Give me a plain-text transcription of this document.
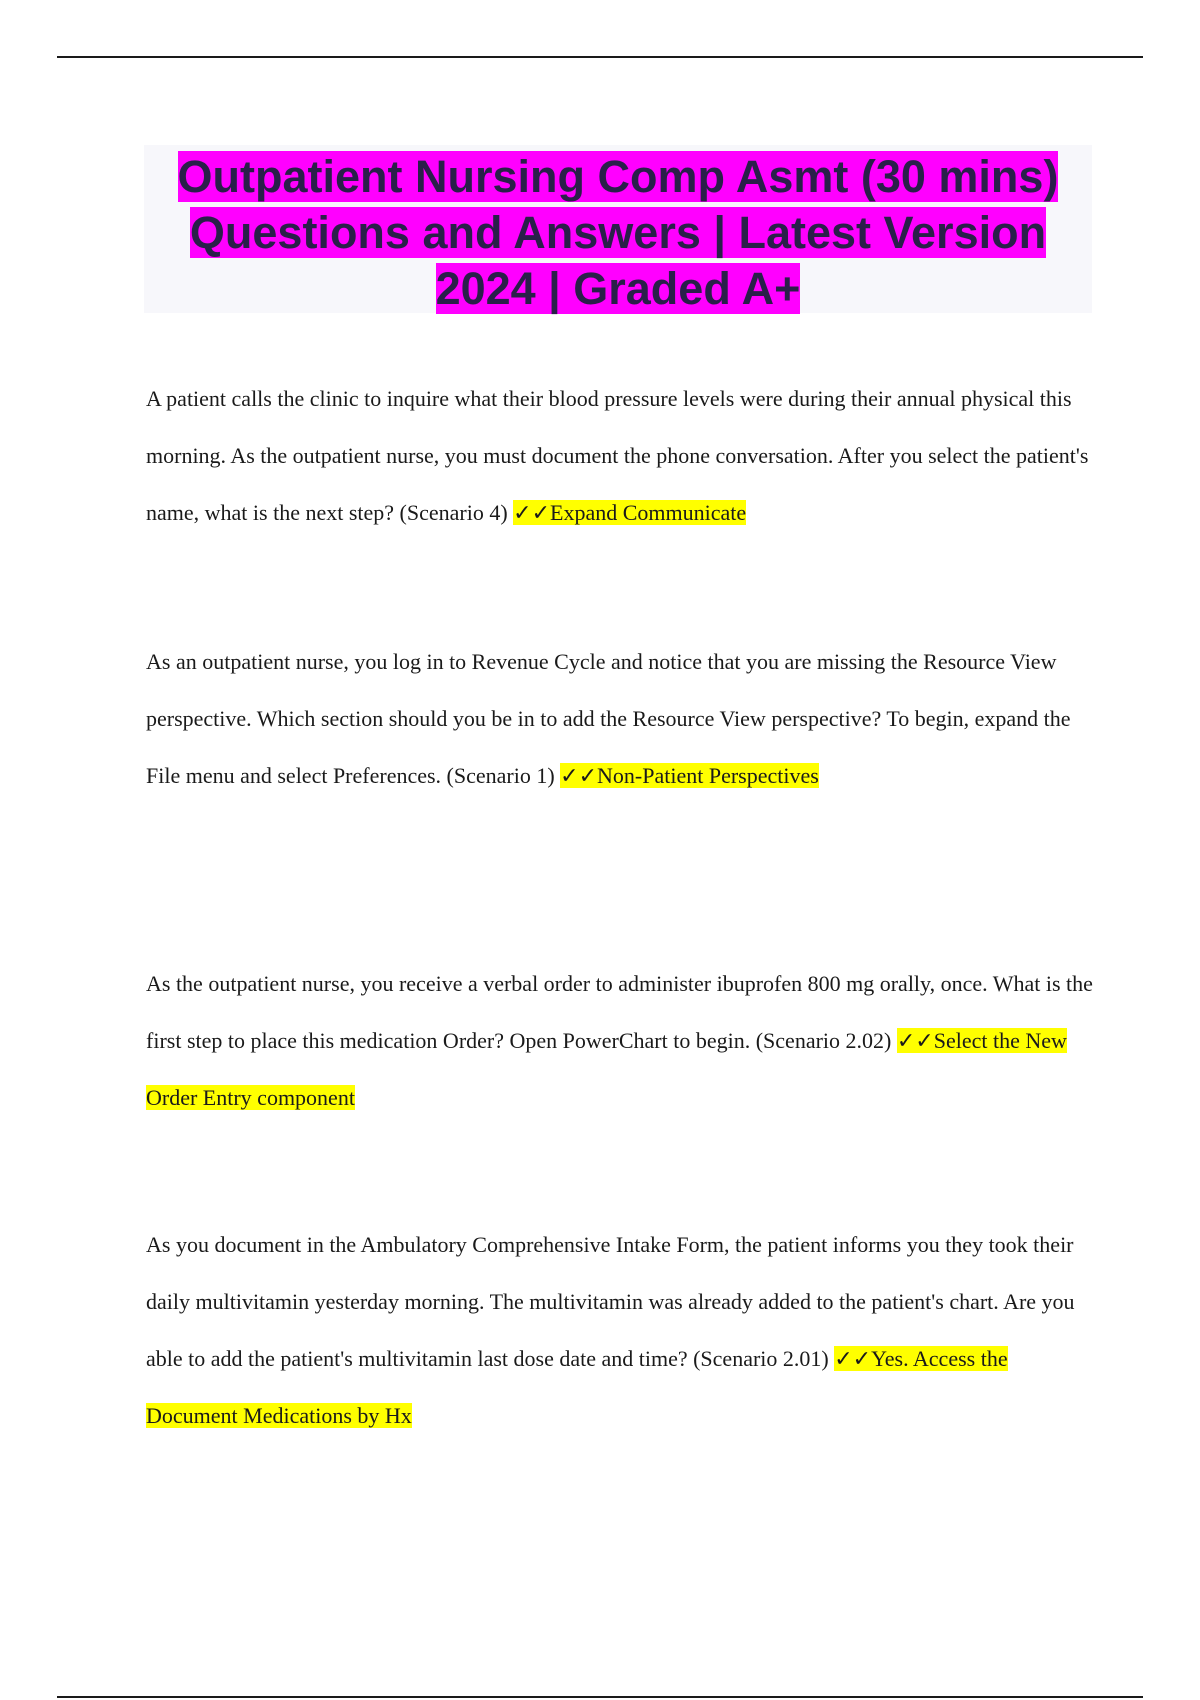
Outpatient Nursing Comp Asmt (30 mins) Questions and Answers | Latest Version 2024 | Graded A+

A patient calls the clinic to inquire what their blood pressure levels were during their annual physical this morning. As the outpatient nurse, you must document the phone conversation. After you select the patient's name, what is the next step? (Scenario 4) ✓✓Expand Communicate

As an outpatient nurse, you log in to Revenue Cycle and notice that you are missing the Resource View perspective. Which section should you be in to add the Resource View perspective? To begin, expand the File menu and select Preferences. (Scenario 1) ✓✓Non-Patient Perspectives

As the outpatient nurse, you receive a verbal order to administer ibuprofen 800 mg orally, once. What is the first step to place this medication Order? Open PowerChart to begin. (Scenario 2.02) ✓✓Select the New Order Entry component

As you document in the Ambulatory Comprehensive Intake Form, the patient informs you they took their daily multivitamin yesterday morning. The multivitamin was already added to the patient's chart. Are you able to add the patient's multivitamin last dose date and time? (Scenario 2.01) ✓✓Yes. Access the Document Medications by Hx
